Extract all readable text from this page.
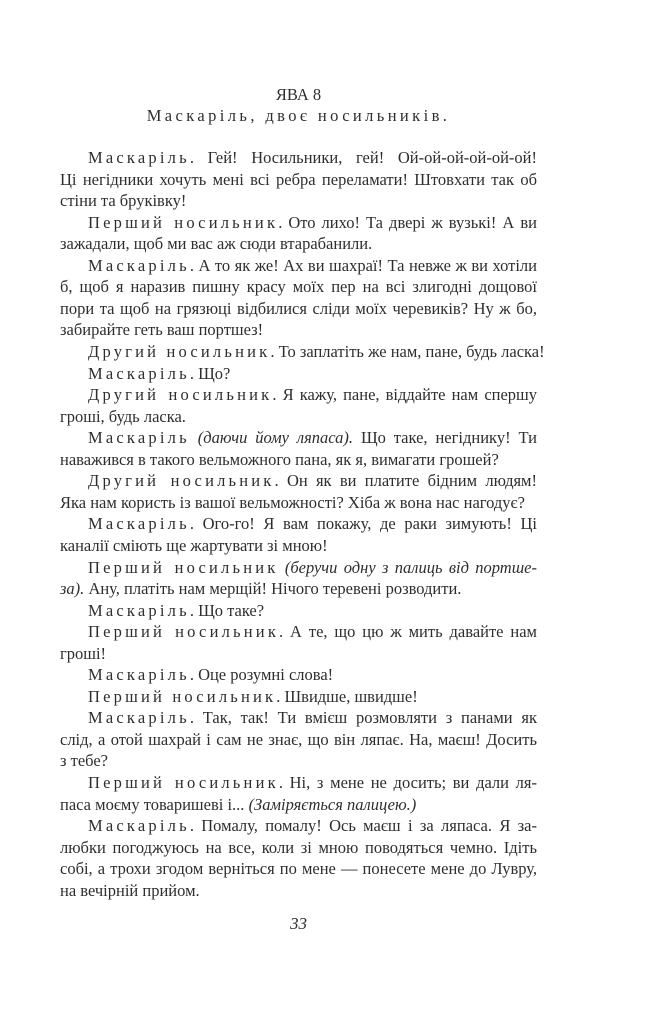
ЯВА 8
Маскаріль, двоє носильників.
Маскаріль. Гей! Носильники, гей! Ой-ой-ой-ой-ой-ой!
Ці негідники хочуть мені всі ребра переламати! Штовхати так об
стіни та бруківку!
Перший носильник. Ото лихо! Та двері ж вузькі! А ви
зажадали, щоб ми вас аж сюди втарабанили.
Маскаріль. А то як же! Ах ви шахраї! Та невже ж ви хотіли
б, щоб я наразив пишну красу моїх пер на всі злигодні дощової
пори та щоб на грязюці відбилися сліди моїх черевиків? Ну ж бо,
забирайте геть ваш портшез!
Другий носильник. То заплатіть же нам, пане, будь ласка!
Маскаріль. Що?
Другий носильник. Я кажу, пане, віддайте нам спершу
гроші, будь ласка.
Маскаріль (даючи йому ляпаса). Що таке, негіднику! Ти
наважився в такого вельможного пана, як я, вимагати грошей?
Другий носильник. Он як ви платите бідним людям!
Яка нам користь із вашої вельможності? Хіба ж вона нас нагодує?
Маскаріль. Ого-го! Я вам покажу, де раки зимують! Ці
каналії сміють ще жартувати зі мною!
Перший носильник (беручи одну з палиць від портше-
за). Ану, платіть нам мерщій! Нічого теревені розводити.
Маскаріль. Що таке?
Перший носильник. А те, що цю ж мить давайте нам
гроші!
Маскаріль. Оце розумні слова!
Перший носильник. Швидше, швидше!
Маскаріль. Так, так! Ти вмієш розмовляти з панами як
слід, а отой шахрай і сам не знає, що він ляпає. На, маєш! Досить
з тебе?
Перший носильник. Ні, з мене не досить; ви дали ля-
паса моєму товаришеві і... (Заміряється палицею.)
Маскаріль. Помалу, помалу! Ось маєш і за ляпаса. Я за-
любки погоджуюсь на все, коли зі мною поводяться чемно. Ідіть
собі, а трохи згодом верніться по мене — понесете мене до Лувру,
на вечірній прийом.
33
